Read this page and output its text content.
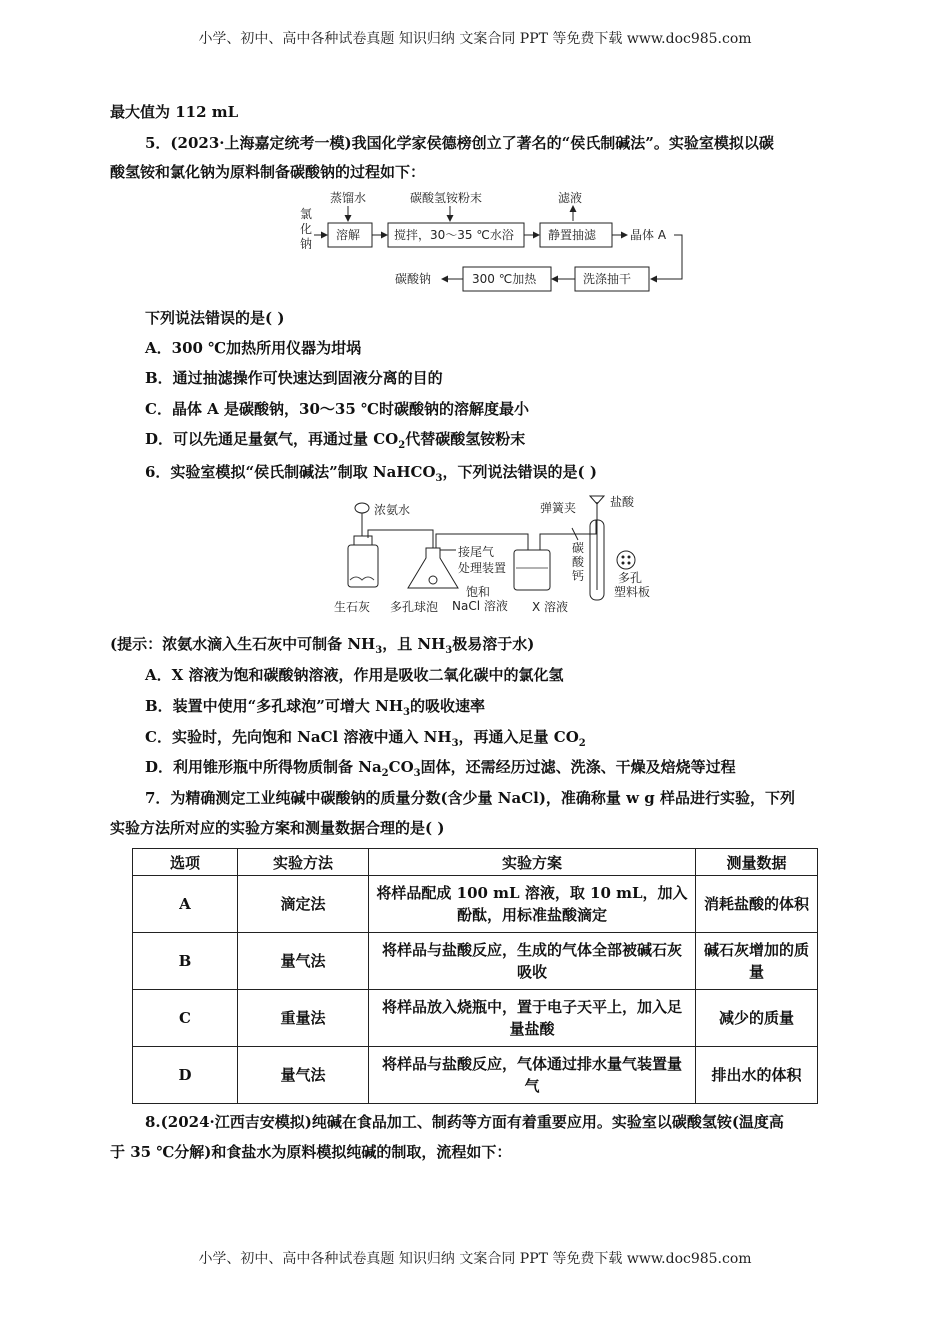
小学、初中、高中各种试卷真题 知识归纳 文案合同 PPT 等免费下载 www.doc985.com
最大值为 112 mL
5．(2023·上海嘉定统考一模)我国化学家侯德榜创立了著名的“侯氏制碱法”。实验室模拟以碳
酸氢铵和氯化钠为原料制备碳酸钠的过程如下：
氯
化
钠
蒸馏水	碳酸氢铵粉末	滤液
溶解	搅拌，30～35 ℃水浴	静置抽滤	晶体 A
洗涤抽干
300 ℃加热
碳酸钠
下列说法错误的是( )
A．300 ℃加热所用仪器为坩埚
B．通过抽滤操作可快速达到固液分离的目的
C．晶体 A 是碳酸钠，30～35 ℃时碳酸钠的溶解度最小
D．可以先通足量氨气，再通过量 $CO_2$代替碳酸氢铵粉末
6．实验室模拟“侯氏制碱法”制取 NaHCO$_3$，下列说法错误的是( )
浓氨水
生石灰 多孔球泡
接尾气
处理装置
饱和
NaCl 溶液 X 溶液
弹簧夹	盐酸
碳
酸
钙	多孔
塑料板
(提示：浓氨水滴入生石灰中可制备 $NH_3$，且 $NH_3$极易溶于水)
A．X 溶液为饱和碳酸钠溶液，作用是吸收二氧化碳中的氯化氢
B．装置中使用“多孔球泡”可增大 $NH_3$的吸收速率
C．实验时，先向饱和 NaCl 溶液中通入 $NH_3$，再通入足量 $CO_2$
D．利用锥形瓶中所得物质制备 $Na_2CO_3$固体，还需经历过滤、洗涤、干燥及焙烧等过程
7．为精确测定工业纯碱中碳酸钠的质量分数(含少量 NaCl)，准确称量 w g 样品进行实验，下列
实验方法所对应的实验方案和测量数据合理的是( )
选项	实验方法	实验方案	测量数据
A	滴定法	将样品配成 100 mL 溶液，取 10 mL，加入酚酞，用标准盐酸滴定	消耗盐酸的体积
B	量气法	将样品与盐酸反应，生成的气体全部被碱石灰吸收	碱石灰增加的质量
C	重量法	将样品放入烧瓶中，置于电子天平上，加入足量盐酸	减少的质量
D	量气法	将样品与盐酸反应，气体通过排水量气装置量气	排出水的体积
8.(2024·江西吉安模拟)纯碱在食品加工、制药等方面有着重要应用。实验室以碳酸氢铵(温度高
于 35 ℃分解)和食盐水为原料模拟纯碱的制取，流程如下：
小学、初中、高中各种试卷真题 知识归纳 文案合同 PPT 等免费下载 www.doc985.com
